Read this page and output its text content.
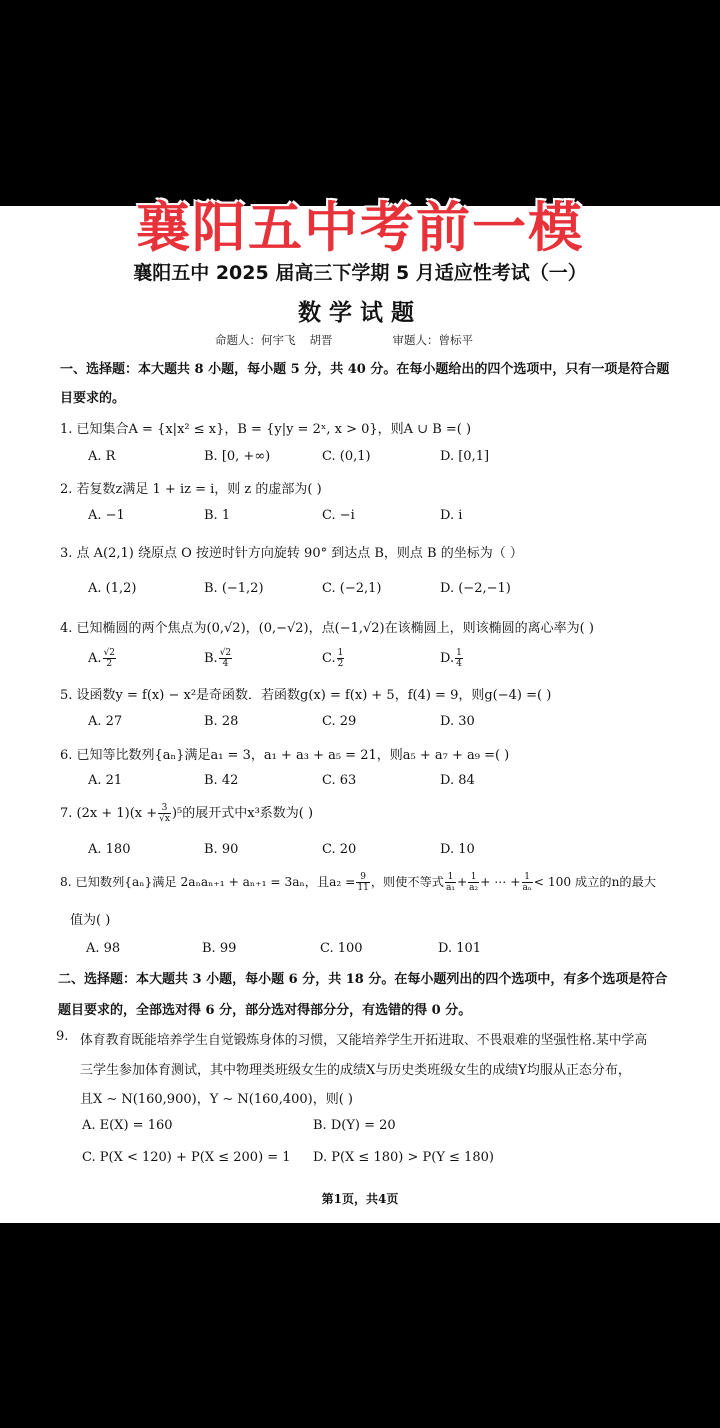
襄阳五中考前一模
襄阳五中 2025 届高三下学期 5 月适应性考试（一）
数学试题
命题人：何宇飞 胡晋	审题人：曾标平
一、选择题：本大题共 8 小题，每小题 5 分，共 40 分。在每小题给出的四个选项中，只有一项是符合题
目要求的。
1. 已知集合A = {x|x² ≤ x}，B = {y|y = 2ˣ, x > 0}，则A ∪ B =( )
A. R	B. [0, +∞)	C. (0,1)	D. [0,1]
2. 若复数z满足 1 + iz = i，则 z 的虚部为( )
A. −1	B. 1	C. −i	D. i
3. 点 A(2,1) 绕原点 O 按逆时针方向旋转 90° 到达点 B，则点 B 的坐标为（ ）
A. (1,2)	B. (−1,2)	C. (−2,1)	D. (−2,−1)
4. 已知椭圆的两个焦点为(0,√2)，(0,−√2)，点(−1,√2)在该椭圆上，则该椭圆的离心率为( )
A. $\frac{√2}{2}$	B. $\frac{√2}{4}$	C. $\frac{1}{2}$	D. $\frac{1}{4}$
5. 设函数y = f(x) − x²是奇函数．若函数g(x) = f(x) + 5，f(4) = 9，则g(−4) =( )
A. 27	B. 28	C. 29	D. 30
6. 已知等比数列{aₙ}满足a₁ = 3，a₁ + a₃ + a₅ = 21，则a₅ + a₇ + a₉ =( )
A. 21	B. 42	C. 63	D. 84
7. $(2x + 1)(x + \frac{3}{√x} )^5$的展开式中x³系数为( )
A. 180	B. 90	C. 20	D. 10
8. 已知数列{aₙ}满足 2aₙaₙ₊₁ + aₙ₊₁ = 3aₙ，且$a_2 = \frac{9}{11}$ ，则使不等式 $\frac{1}{\text{a₁}} + \frac{1}{\text{a₂}}$ + ⋯ + $\frac{1}{\text{aₙ}} < 100$ 成立的n的最大
值为( )
A. 98	B. 99	C. 100	D. 101
二、选择题：本大题共 3 小题，每小题 6 分，共 18 分。在每小题列出的四个选项中，有多个选项是符合
题目要求的，全部选对得 6 分，部分选对得部分分，有选错的得 0 分。
9. 体育教育既能培养学生自觉锻炼身体的习惯，又能培养学生开拓进取、不畏艰难的坚强性格.某中学高
三学生参加体育测试，其中物理类班级女生的成绩X与历史类班级女生的成绩Y均服从正态分布，
且X ∼ N(160,900)，Y ∼ N(160,400)，则( )
A. E(X) = 160	B. D(Y) = 20
C. P(X < 120) + P(X ≤ 200) = 1 D. P(X ≤ 180) > P(Y ≤ 180)
第1页，共4页
